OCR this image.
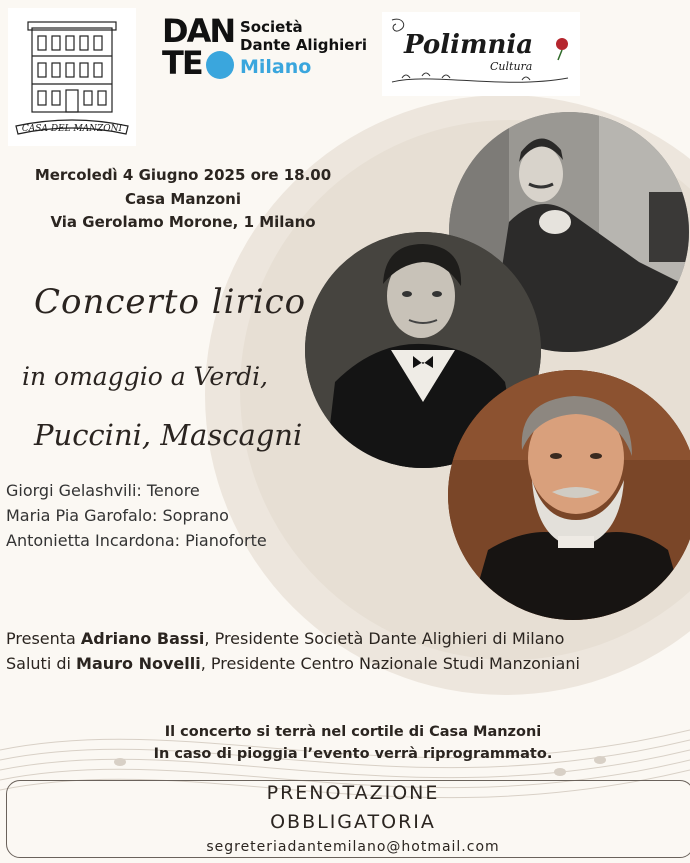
CASA DEL MANZONI
DAN
TE
Società
Dante Alighieri
Milano
Polimnia
Cultura
Mercoledì 4 Giugno 2025 ore 18.00
Casa Manzoni
Via Gerolamo Morone, 1 Milano
Concerto lirico
in omaggio a Verdi,
Puccini, Mascagni
Giorgi Gelashvili: Tenore
Maria Pia Garofalo: Soprano
Antonietta Incardona: Pianoforte
Presenta Adriano Bassi, Presidente Società Dante Alighieri di Milano
Saluti di Mauro Novelli, Presidente Centro Nazionale Studi Manzoniani
Il concerto si terrà nel cortile di Casa Manzoni
In caso di pioggia l’evento verrà riprogrammato.
PRENOTAZIONE
OBBLIGATORIA
segreteriadantemilano@hotmail.com
